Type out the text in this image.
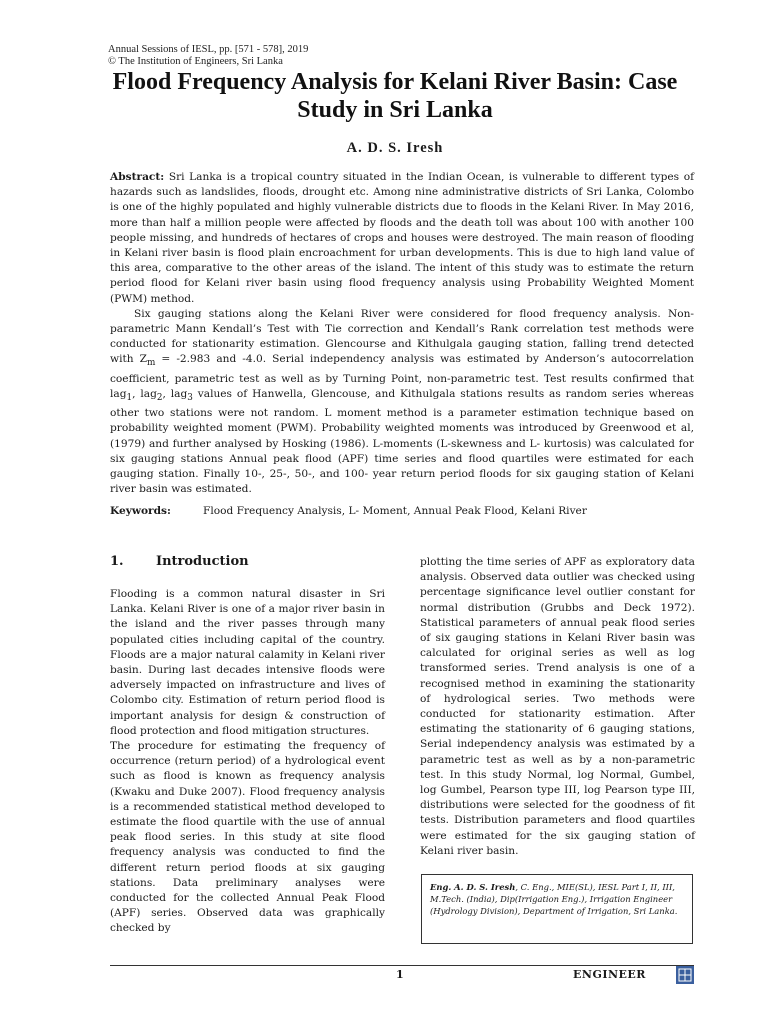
Annual Sessions of IESL, pp. [571 - 578], 2019
© The Institution of Engineers, Sri Lanka
Flood Frequency Analysis for Kelani River Basin: Case Study in Sri Lanka
A. D. S. Iresh

Abstract: Sri Lanka is a tropical country situated in the Indian Ocean, is vulnerable to different types of hazards such as landslides, floods, drought etc. Among nine administrative districts of Sri Lanka, Colombo is one of the highly populated and highly vulnerable districts due to floods in the Kelani River. In May 2016, more than half a million people were affected by floods and the death toll was about 100 with another 100 people missing, and hundreds of hectares of crops and houses were destroyed. The main reason of flooding in Kelani river basin is flood plain encroachment for urban developments. This is due to high land value of this area, comparative to the other areas of the island. The intent of this study was to estimate the return period flood for Kelani river basin using flood frequency analysis using Probability Weighted Moment (PWM) method.

Six gauging stations along the Kelani River were considered for flood frequency analysis. Non-parametric Mann Kendall’s Test with Tie correction and Kendall’s Rank correlation test methods were conducted for stationarity estimation. Glencourse and Kithulgala gauging station, falling trend detected with $Z_m = -2.983$ and -4.0. Serial independency analysis was estimated by Anderson’s autocorrelation coefficient, parametric test as well as by Turning Point, non-parametric test. Test results confirmed that lag$_1$, lag$_2$, lag$_3$ values of Hanwella, Glencouse, and Kithulgala stations results as random series whereas other two stations were not random. L moment method is a parameter estimation technique based on probability weighted moment (PWM). Probability weighted moments was introduced by Greenwood et al, (1979) and further analysed by Hosking (1986). L-moments (L-skewness and L- kurtosis) was calculated for six gauging stations Annual peak flood (APF) time series and flood quartiles were estimated for each gauging station. Finally 10-, 25-, 50-, and 100- year return period floods for six gauging station of Kelani river basin was estimated.

Keywords:	Flood Frequency Analysis, L- Moment, Annual Peak Flood, Kelani River
1. Introduction

Flooding is a common natural disaster in Sri Lanka. Kelani River is one of a major river basin in the island and the river passes through many populated cities including capital of the country. Floods are a major natural calamity in Kelani river basin. During last decades intensive floods were adversely impacted on infrastructure and lives of Colombo city. Estimation of return period flood is important analysis for design & construction of flood protection and flood mitigation structures.

The procedure for estimating the frequency of occurrence (return period) of a hydrological event such as flood is known as frequency analysis (Kwaku and Duke 2007). Flood frequency analysis is a recommended statistical method developed to estimate the flood quartile with the use of annual peak flood series. In this study at site flood frequency analysis was conducted to find the different return period floods at six gauging stations. Data preliminary analyses were conducted for the collected Annual Peak Flood (APF) series. Observed data was graphically checked by

plotting the time series of APF as exploratory data analysis. Observed data outlier was checked using percentage significance level outlier constant for normal distribution (Grubbs and Deck 1972). Statistical parameters of annual peak flood series of six gauging stations in Kelani River basin was calculated for original series as well as log transformed series. Trend analysis is one of a recognised method in examining the stationarity of hydrological series. Two methods were conducted for stationarity estimation. After estimating the stationarity of 6 gauging stations, Serial independency analysis was estimated by a parametric test as well as by a non-parametric test. In this study Normal, log Normal, Gumbel, log Gumbel, Pearson type III, log Pearson type III, distributions were selected for the goodness of fit tests. Distribution parameters and flood quartiles were estimated for the six gauging station of Kelani river basin.

Eng. A. D. S. Iresh, C. Eng., MIE(SL), IESL Part I, II, III, M.Tech. (India), Dip(Irrigation Eng.), Irrigation Engineer (Hydrology Division), Department of Irrigation, Sri Lanka.
1	ENGINEER
